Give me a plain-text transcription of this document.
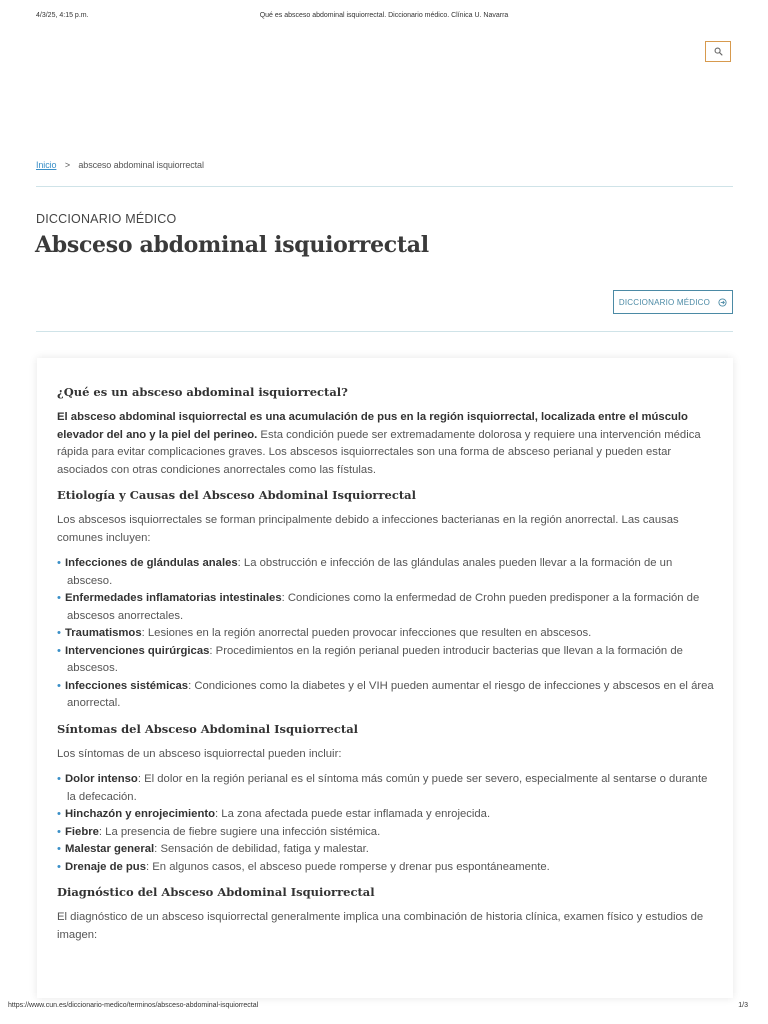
4/3/25, 4:15 p.m.	Qué es absceso abdominal isquiorrectal. Diccionario médico. Clínica U. Navarra
Inicio > absceso abdominal isquiorrectal
DICCIONARIO MÉDICO
Absceso abdominal isquiorrectal
DICCIONARIO MÉDICO
¿Qué es un absceso abdominal isquiorrectal?

El absceso abdominal isquiorrectal es una acumulación de pus en la región isquiorrectal, localizada entre el músculo elevador del ano y la piel del perineo. Esta condición puede ser extremadamente dolorosa y requiere una intervención médica rápida para evitar complicaciones graves. Los abscesos isquiorrectales son una forma de absceso perianal y pueden estar asociados con otras condiciones anorrectales como las fístulas.

Etiología y Causas del Absceso Abdominal Isquiorrectal

Los abscesos isquiorrectales se forman principalmente debido a infecciones bacterianas en la región anorrectal. Las causas comunes incluyen:

• Infecciones de glándulas anales: La obstrucción e infección de las glándulas anales pueden llevar a la formación de un absceso.
• Enfermedades inflamatorias intestinales: Condiciones como la enfermedad de Crohn pueden predisponer a la formación de abscesos anorrectales.
• Traumatismos: Lesiones en la región anorrectal pueden provocar infecciones que resulten en abscesos.
• Intervenciones quirúrgicas: Procedimientos en la región perianal pueden introducir bacterias que llevan a la formación de abscesos.
• Infecciones sistémicas: Condiciones como la diabetes y el VIH pueden aumentar el riesgo de infecciones y abscesos en el área anorrectal.
Síntomas del Absceso Abdominal Isquiorrectal

Los síntomas de un absceso isquiorrectal pueden incluir:

• Dolor intenso: El dolor en la región perianal es el síntoma más común y puede ser severo, especialmente al sentarse o durante la defecación.
• Hinchazón y enrojecimiento: La zona afectada puede estar inflamada y enrojecida.
• Fiebre: La presencia de fiebre sugiere una infección sistémica.
• Malestar general: Sensación de debilidad, fatiga y malestar.
• Drenaje de pus: En algunos casos, el absceso puede romperse y drenar pus espontáneamente.
Diagnóstico del Absceso Abdominal Isquiorrectal

El diagnóstico de un absceso isquiorrectal generalmente implica una combinación de historia clínica, examen físico y estudios de imagen:

https://www.cun.es/diccionario-medico/terminos/absceso-abdominal-isquiorrectal	1/3
